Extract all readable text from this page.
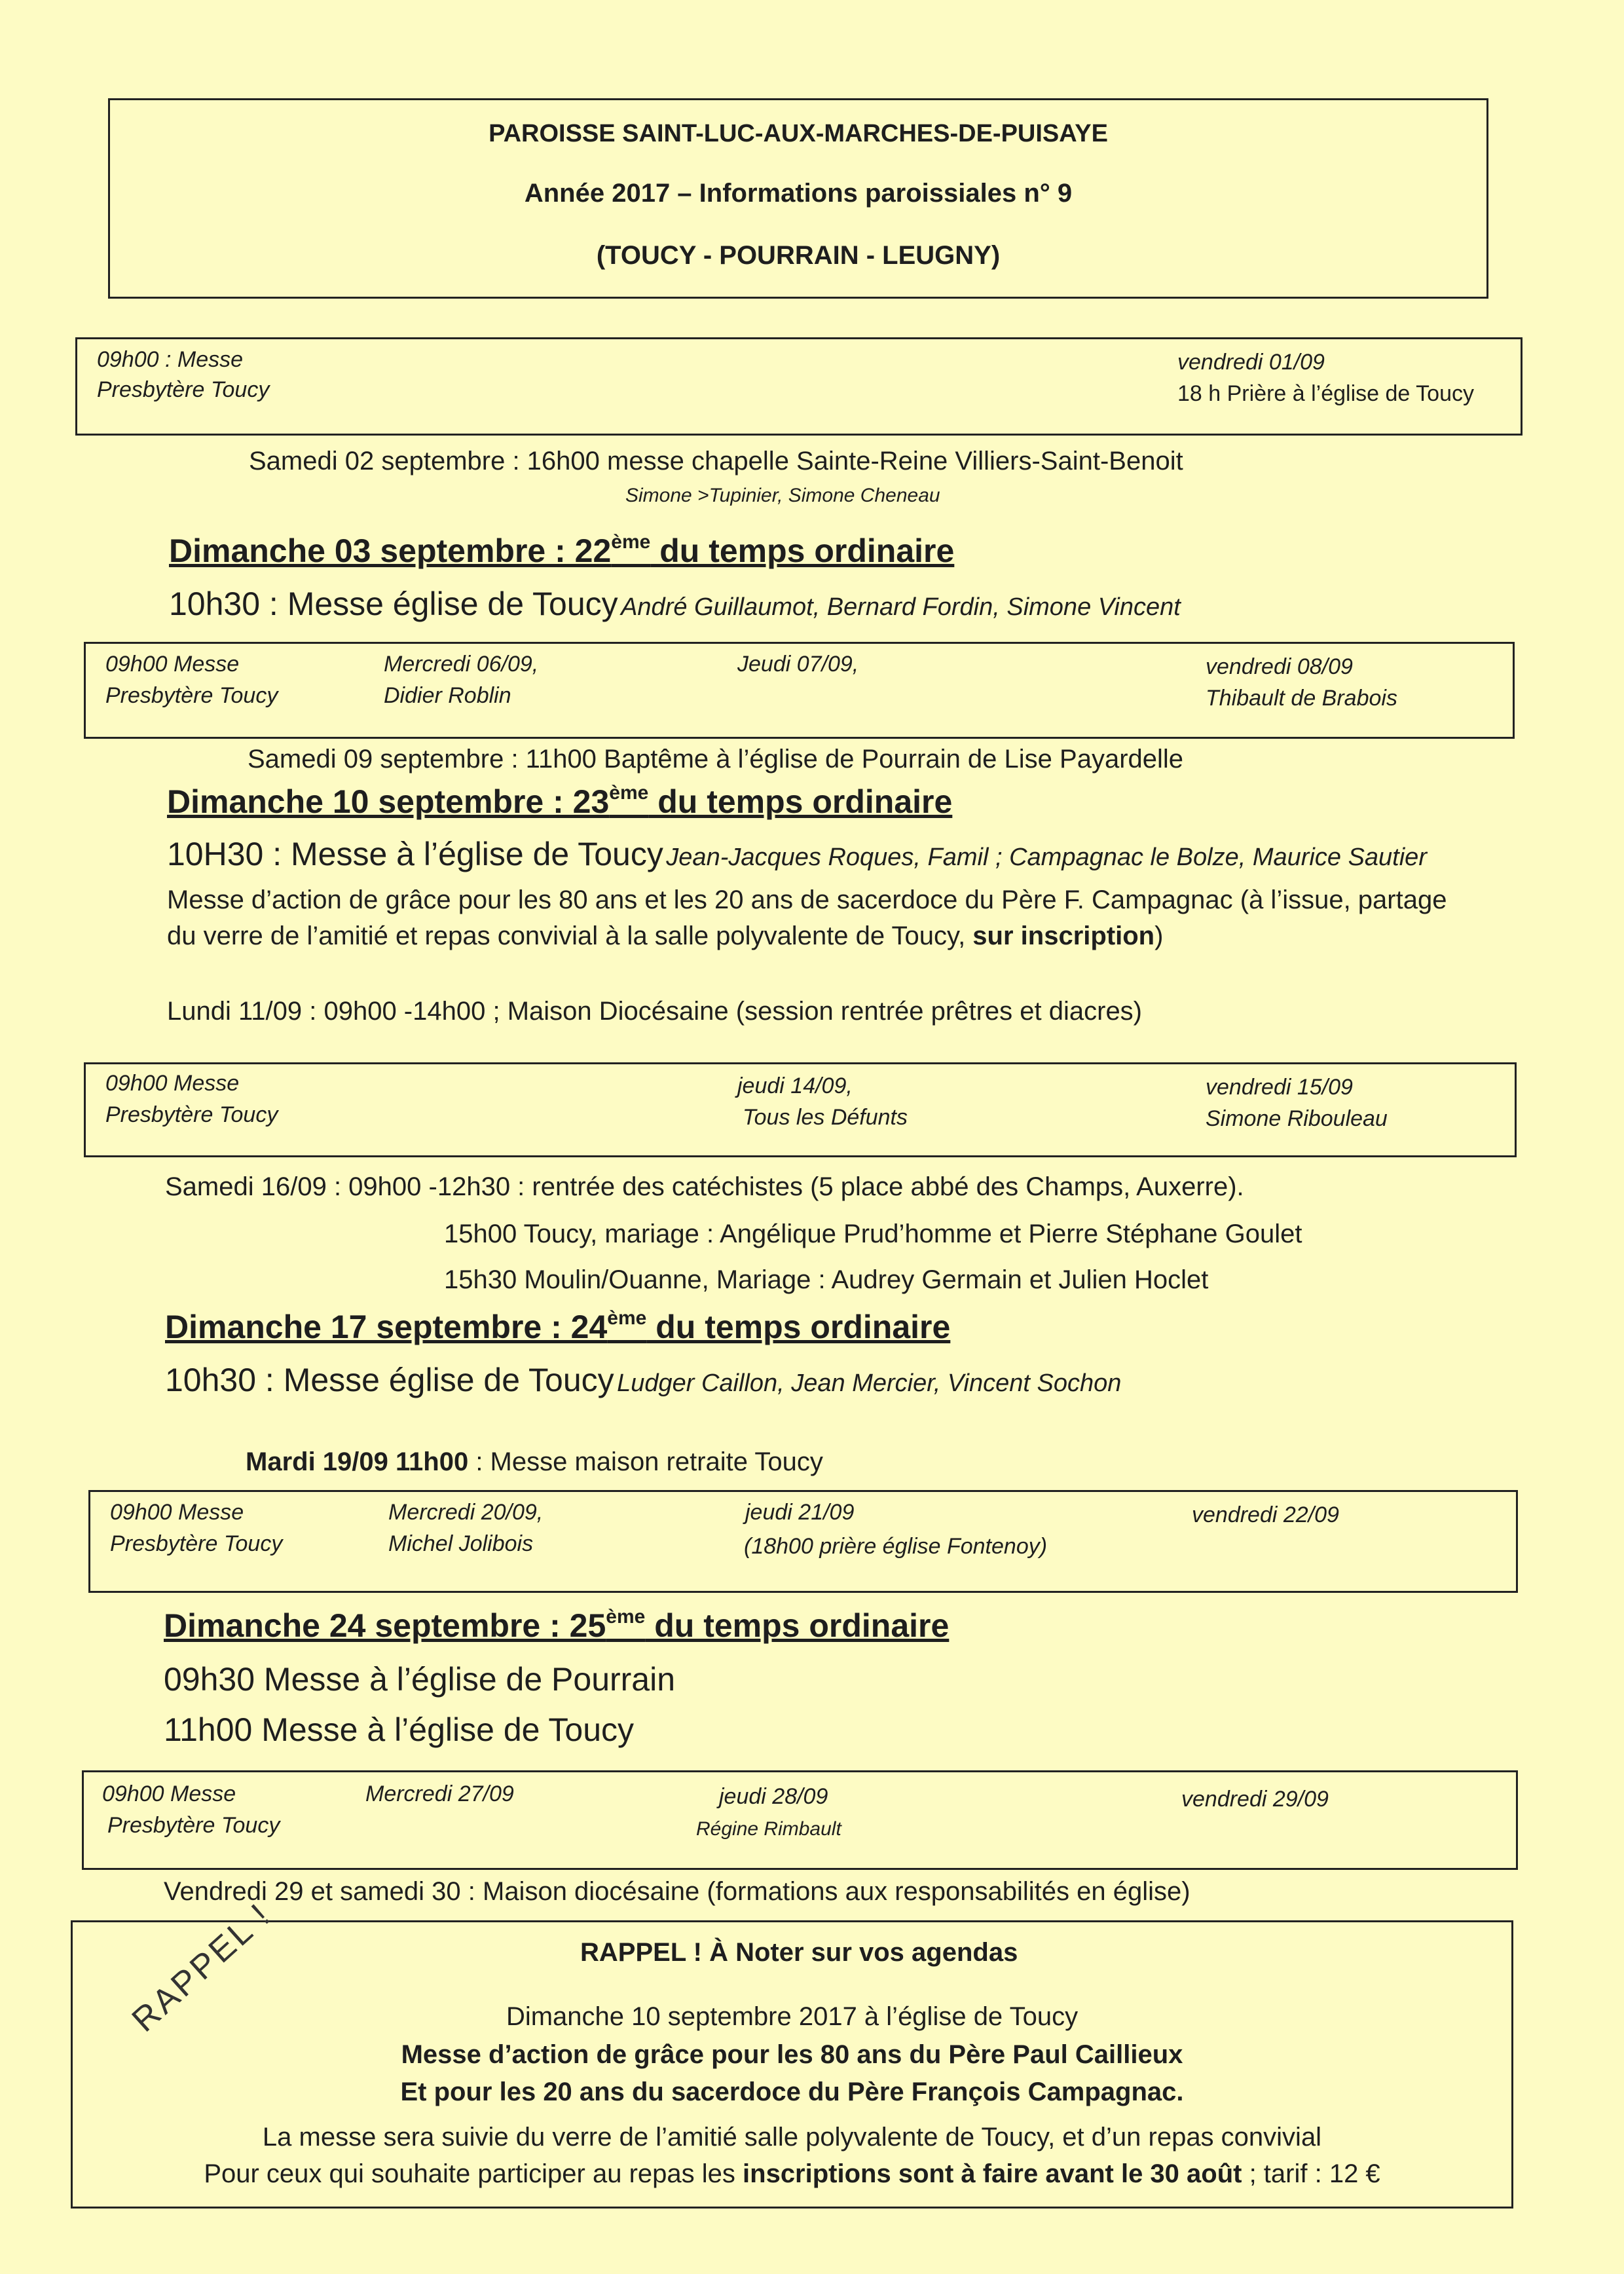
PAROISSE SAINT-LUC-AUX-MARCHES-DE-PUISAYE
Année 2017 – Informations paroissiales n° 9
(TOUCY - POURRAIN - LEUGNY)
09h00 : Messe
Presbytère Toucy
vendredi 01/09
18 h Prière à l’église de Toucy
Samedi 02 septembre : 16h00 messe chapelle Sainte-Reine Villiers-Saint-Benoit
Simone >Tupinier, Simone Cheneau
Dimanche 03 septembre : 22ème du temps ordinaire
10h30 : Messe église de Toucy André Guillaumot, Bernard Fordin, Simone Vincent
09h00 Messe
Presbytère Toucy
Mercredi 06/09,
Didier Roblin
Jeudi 07/09,	vendredi 08/09
Thibault de Brabois
Samedi 09 septembre : 11h00 Baptême à l’église de Pourrain de Lise Payardelle
Dimanche 10 septembre : 23ème du temps ordinaire
10H30 : Messe à l’église de Toucy Jean-Jacques Roques, Famil ; Campagnac le Bolze, Maurice Sautier
Messe d’action de grâce pour les 80 ans et les 20 ans de sacerdoce du Père F. Campagnac (à l’issue, partage
du verre de l’amitié et repas convivial à la salle polyvalente de Toucy, sur inscription)
Lundi 11/09 : 09h00 -14h00 ; Maison Diocésaine (session rentrée prêtres et diacres)
09h00 Messe
Presbytère Toucy
jeudi 14/09,
Tous les Défunts
vendredi 15/09
Simone Ribouleau
Samedi 16/09 : 09h00 -12h30 : rentrée des catéchistes (5 place abbé des Champs, Auxerre).
15h00 Toucy, mariage : Angélique Prud’homme et Pierre Stéphane Goulet
15h30 Moulin/Ouanne, Mariage : Audrey Germain et Julien Hoclet
Dimanche 17 septembre : 24ème du temps ordinaire
10h30 : Messe église de Toucy Ludger Caillon, Jean Mercier, Vincent Sochon
Mardi 19/09 11h00 : Messe maison retraite Toucy
09h00 Messe
Presbytère Toucy
Mercredi 20/09,
Michel Jolibois
jeudi 21/09
(18h00 prière église Fontenoy)
vendredi 22/09
Dimanche 24 septembre : 25ème du temps ordinaire
09h30 Messe à l’église de Pourrain
11h00 Messe à l’église de Toucy
09h00 Messe
Presbytère Toucy
Mercredi 27/09	jeudi 28/09
Régine Rimbault
vendredi 29/09
Vendredi 29 et samedi 30 : Maison diocésaine (formations aux responsabilités en église)
RAPPEL ! À Noter sur vos agendas
Dimanche 10 septembre 2017 à l’église de Toucy
Messe d’action de grâce pour les 80 ans du Père Paul Caillieux
Et pour les 20 ans du sacerdoce du Père François Campagnac.
La messe sera suivie du verre de l’amitié salle polyvalente de Toucy, et d’un repas convivial
Pour ceux qui souhaite participer au repas les inscriptions sont à faire avant le 30 août ; tarif : 12 €
RAPPEL !
